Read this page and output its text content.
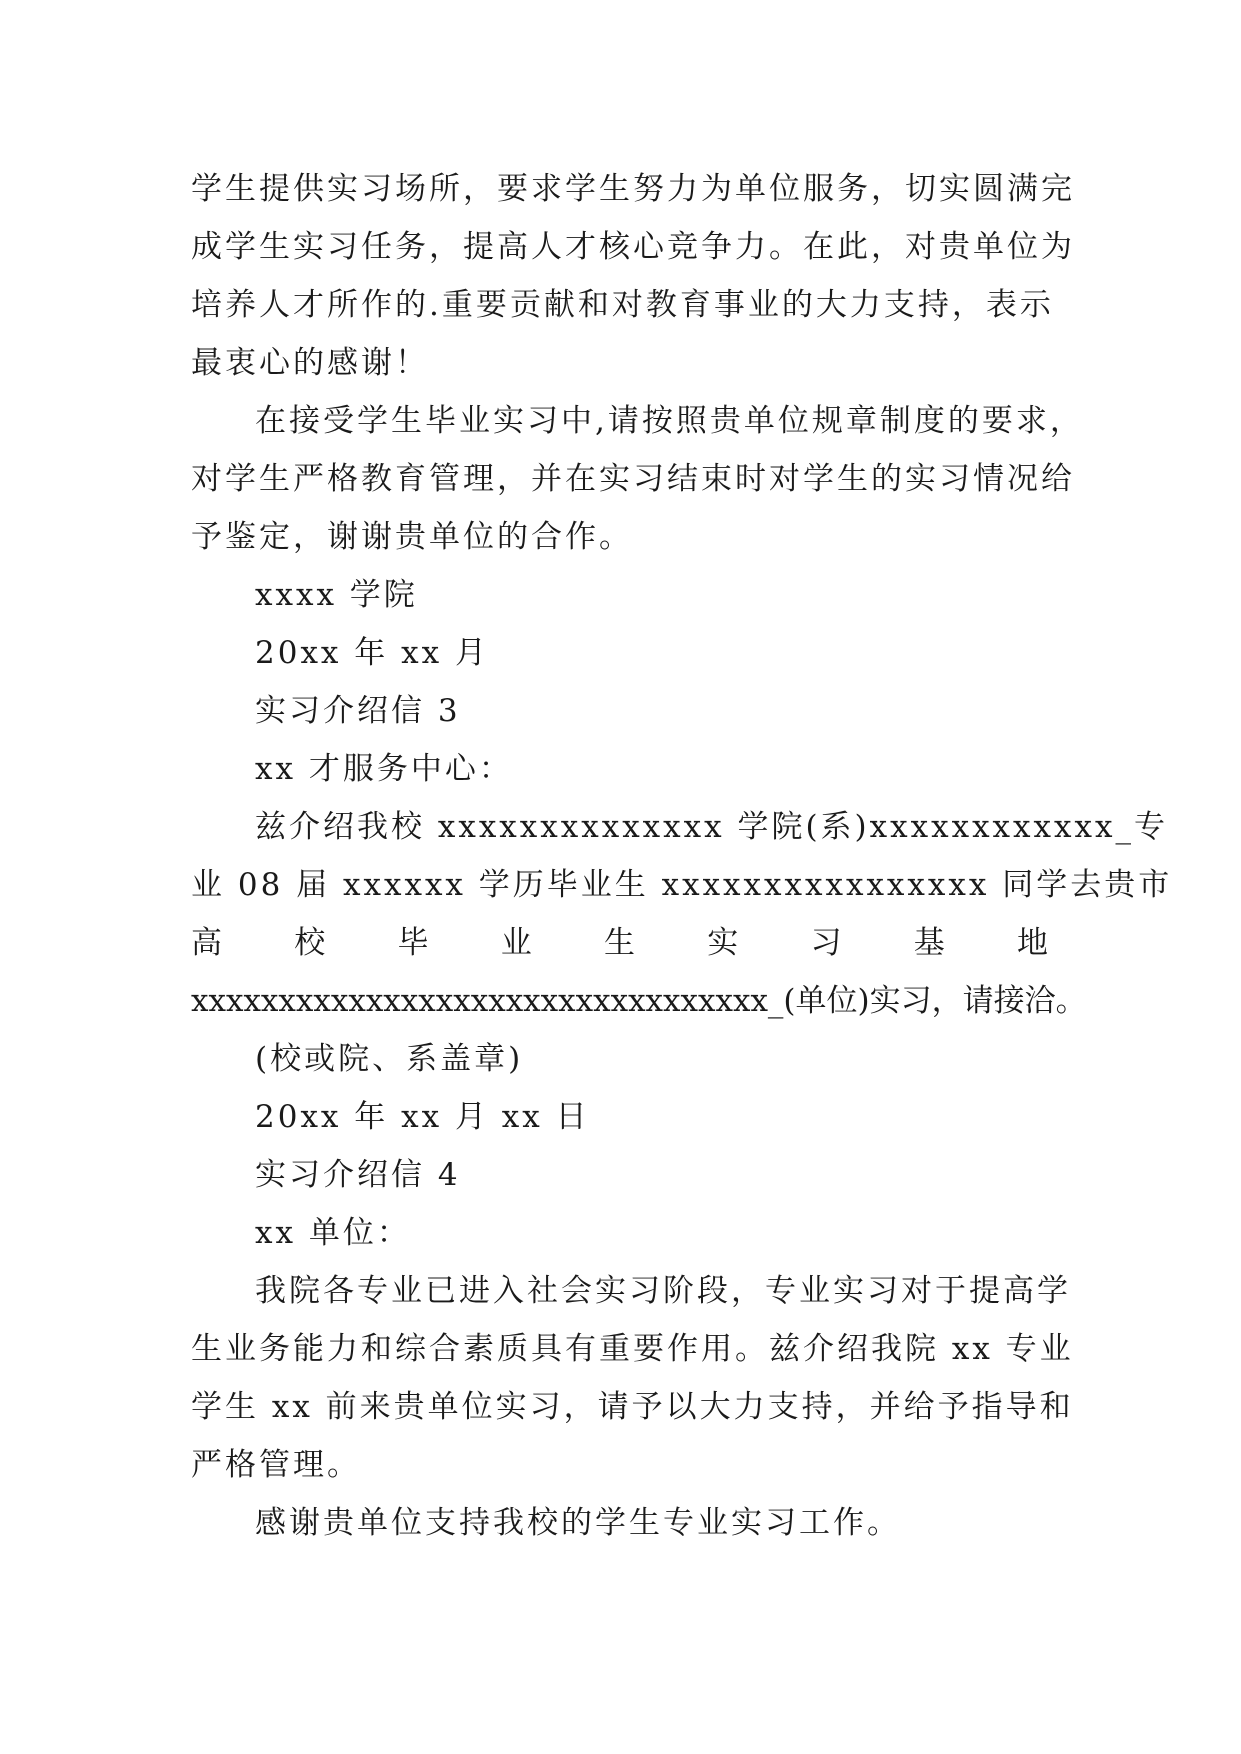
学生提供实习场所，要求学生努力为单位服务，切实圆满完
成学生实习任务，提高人才核心竞争力。在此，对贵单位为
培养人才所作的.重要贡献和对教育事业的大力支持，表示
最衷心的感谢！
在接受学生毕业实习中,请按照贵单位规章制度的要求，
对学生严格教育管理，并在实习结束时对学生的实习情况给
予鉴定，谢谢贵单位的合作。
xxxx 学院
20xx 年 xx 月
实习介绍信 3
xx 才服务中心：
兹介绍我校 xxxxxxxxxxxxxx 学院(系)xxxxxxxxxxxx_专
业 08 届 xxxxxx 学历毕业生 xxxxxxxxxxxxxxxx 同学去贵市
高 校 毕 业 生 实 习 基 地
xxxxxxxxxxxxxxxxxxxxxxxxxxxxxxxxx_(单位)实习，请接洽。
(校或院、系盖章)
20xx 年 xx 月 xx 日
实习介绍信 4
xx 单位：
我院各专业已进入社会实习阶段，专业实习对于提高学
生业务能力和综合素质具有重要作用。兹介绍我院 xx 专业
学生 xx 前来贵单位实习，请予以大力支持，并给予指导和
严格管理。
感谢贵单位支持我校的学生专业实习工作。
